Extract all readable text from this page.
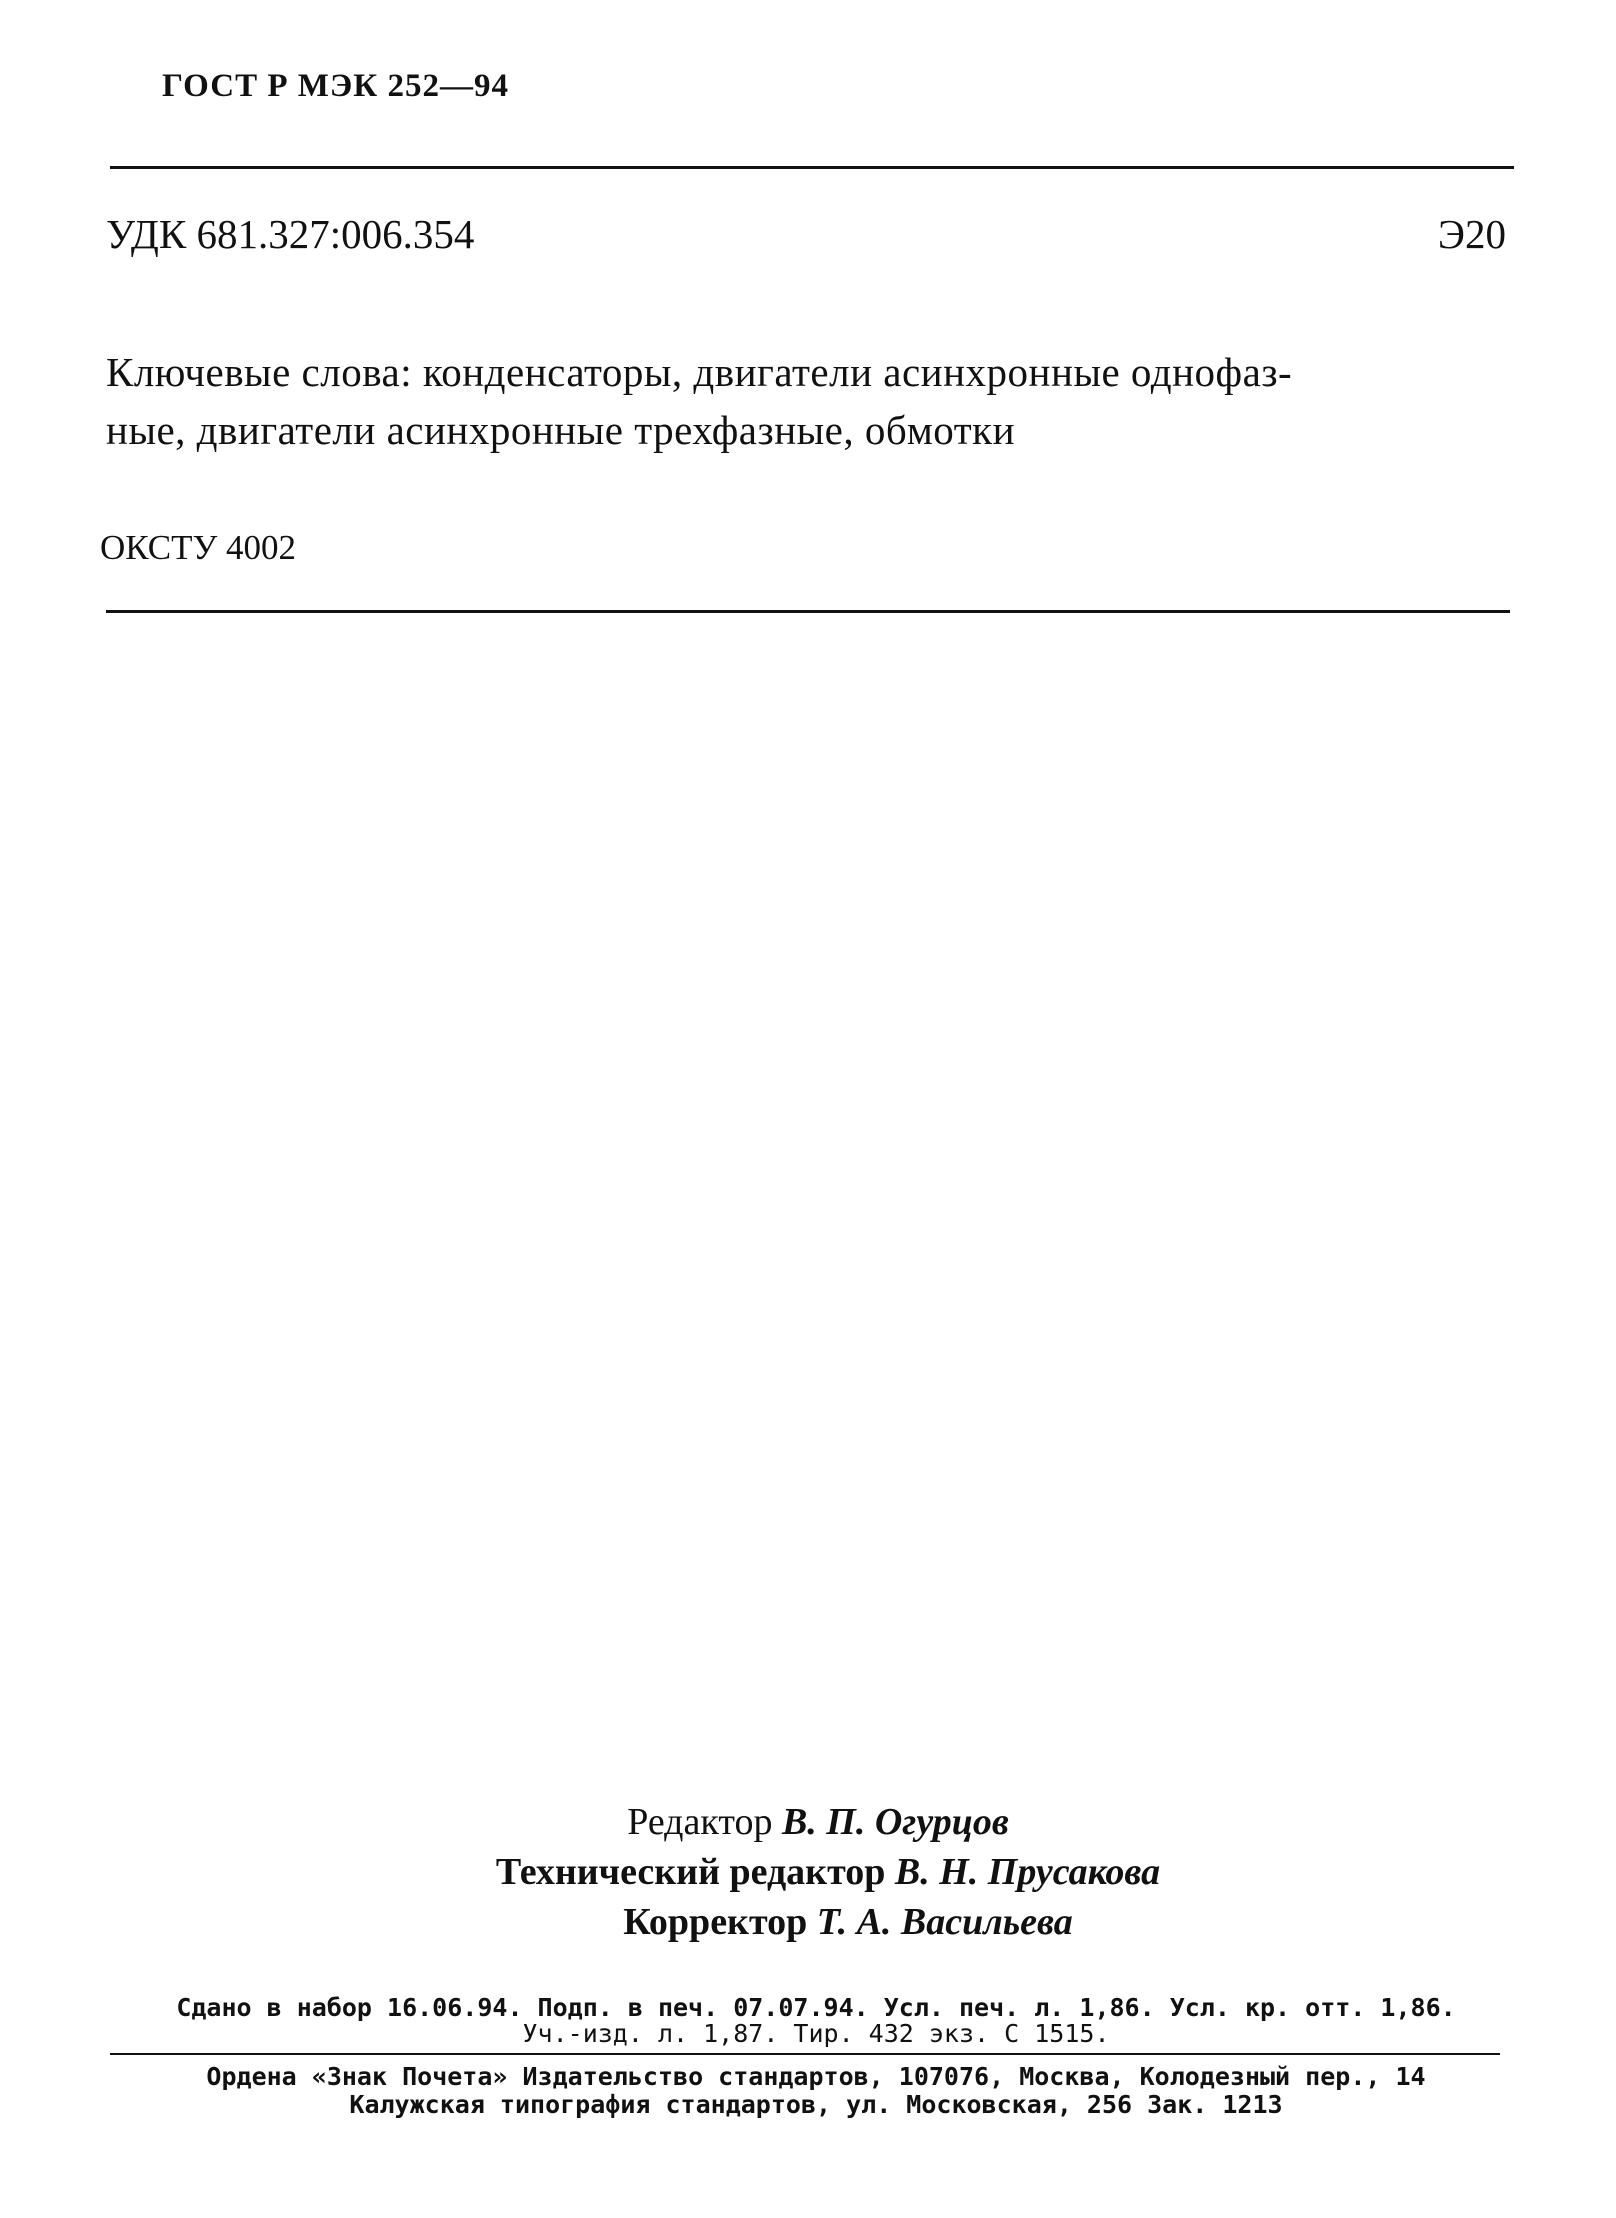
ГОСТ Р МЭК 252—94
УДК 681.327:006.354	Э20
Ключевые слова: конденсаторы, двигатели асинхронные однофаз-
ные, двигатели асинхронные трехфазные, обмотки
ОКСТУ 4002
Редактор В. П. Огурцов
Технический редактор В. Н. Прусакова
Корректор Т. А. Васильева
Сдано в набор 16.06.94. Подп. в печ. 07.07.94. Усл. печ. л. 1,86. Усл. кр. отт. 1,86.
Уч.-изд. л. 1,87. Тир. 432 экз. С 1515.
Ордена «Знак Почета» Издательство стандартов, 107076, Москва, Колодезный пер., 14
Калужская типография стандартов, ул. Московская, 256 Зак. 1213
